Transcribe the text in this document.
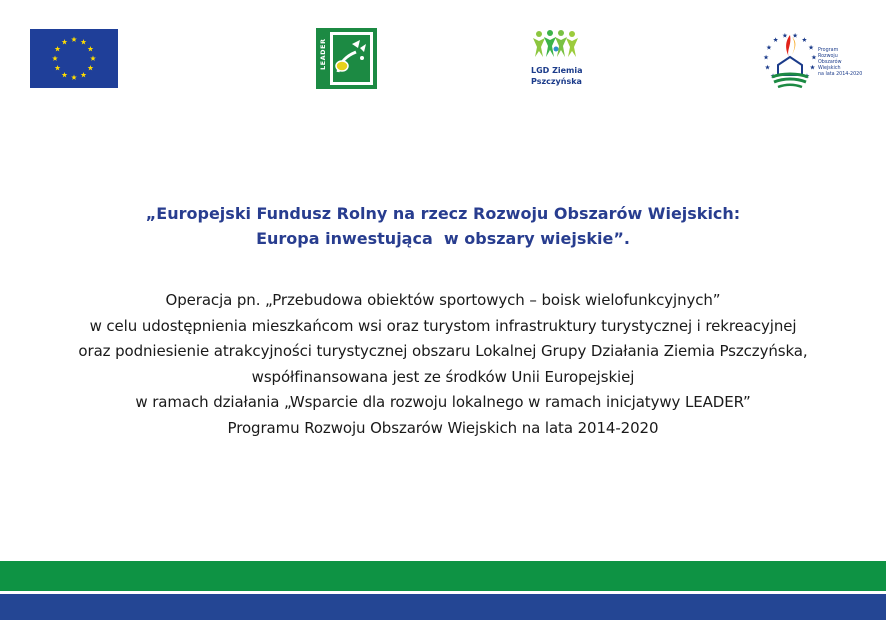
LEADER
LGD Ziemia
Pszczyńska
Program
Rozwoju
Obszarów
Wiejskich
na lata 2014-2020
„Europejski Fundusz Rolny na rzecz Rozwoju Obszarów Wiejskich:
Europa inwestująca  w obszary wiejskie”.
Operacja pn. „Przebudowa obiektów sportowych – boisk wielofunkcyjnych”
w celu udostępnienia mieszkańcom wsi oraz turystom infrastruktury turystycznej i rekreacyjnej
oraz podniesienie atrakcyjności turystycznej obszaru Lokalnej Grupy Działania Ziemia Pszczyńska,
współfinansowana jest ze środków Unii Europejskiej
w ramach działania „Wsparcie dla rozwoju lokalnego w ramach inicjatywy LEADER”
Programu Rozwoju Obszarów Wiejskich na lata 2014-2020
